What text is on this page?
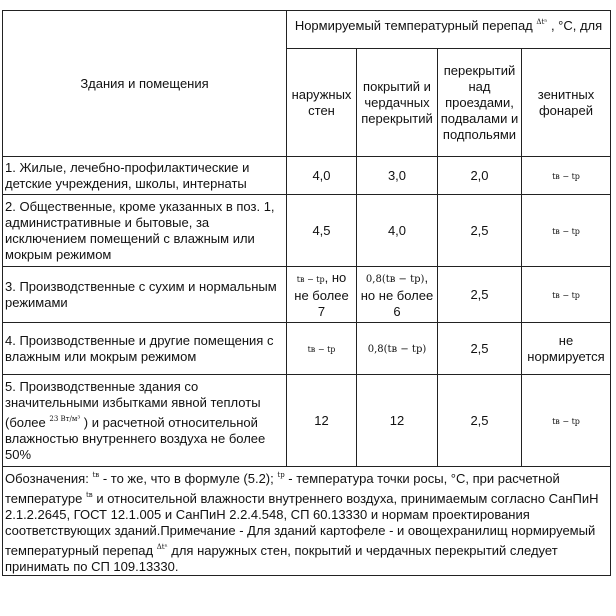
Здания и помещения	Нормируемый температурный перепад $^{\Delta t^n}$ , °С, для			
	наружных стен	покрытий и чердачных перекрытий	перекрытий над проездами, подвалами и подпольями	зенитных фонарей
1. Жилые, лечебно-профилактические и детские учреждения, школы, интернаты	4,0	3,0	2,0	tв − tр
2. Общественные, кроме указанных в поз. 1, административные и бытовые, за исключением помещений с влажным или мокрым режимом	4,5	4,0	2,5	tв − tр
3. Производственные с сухим и нормальным режимами	tв − tр, но не более 7	0,8(tв − tр), но не более 6	2,5	tв − tр
4. Производственные и другие помещения с влажным или мокрым режимом	tв − tр	0,8(tв − tр)	2,5	не нормируется
5. Производственные здания со значительными избытками явной теплоты (более $^{23 Вт/м^3}$ ) и расчетной относительной влажностью внутреннего воздуха не более 50%	12	12	2,5	tв − tр
Обозначения: $^{tв}$ - то же, что в формуле (5.2); $^{tр}$ - температура точки росы, °С, при расчетной температуре $^{tв}$ и относительной влажности внутреннего воздуха, принимаемым согласно СанПиН 2.1.2.2645, ГОСТ 12.1.005 и СанПиН 2.2.4.548, СП 60.13330 и нормам проектирования соответствующих зданий.Примечание - Для зданий картофеле - и овощехранилищ нормируемый температурный перепад $^{\Delta t^n}$ для наружных стен, покрытий и чердачных перекрытий следует принимать по СП 109.13330.				
